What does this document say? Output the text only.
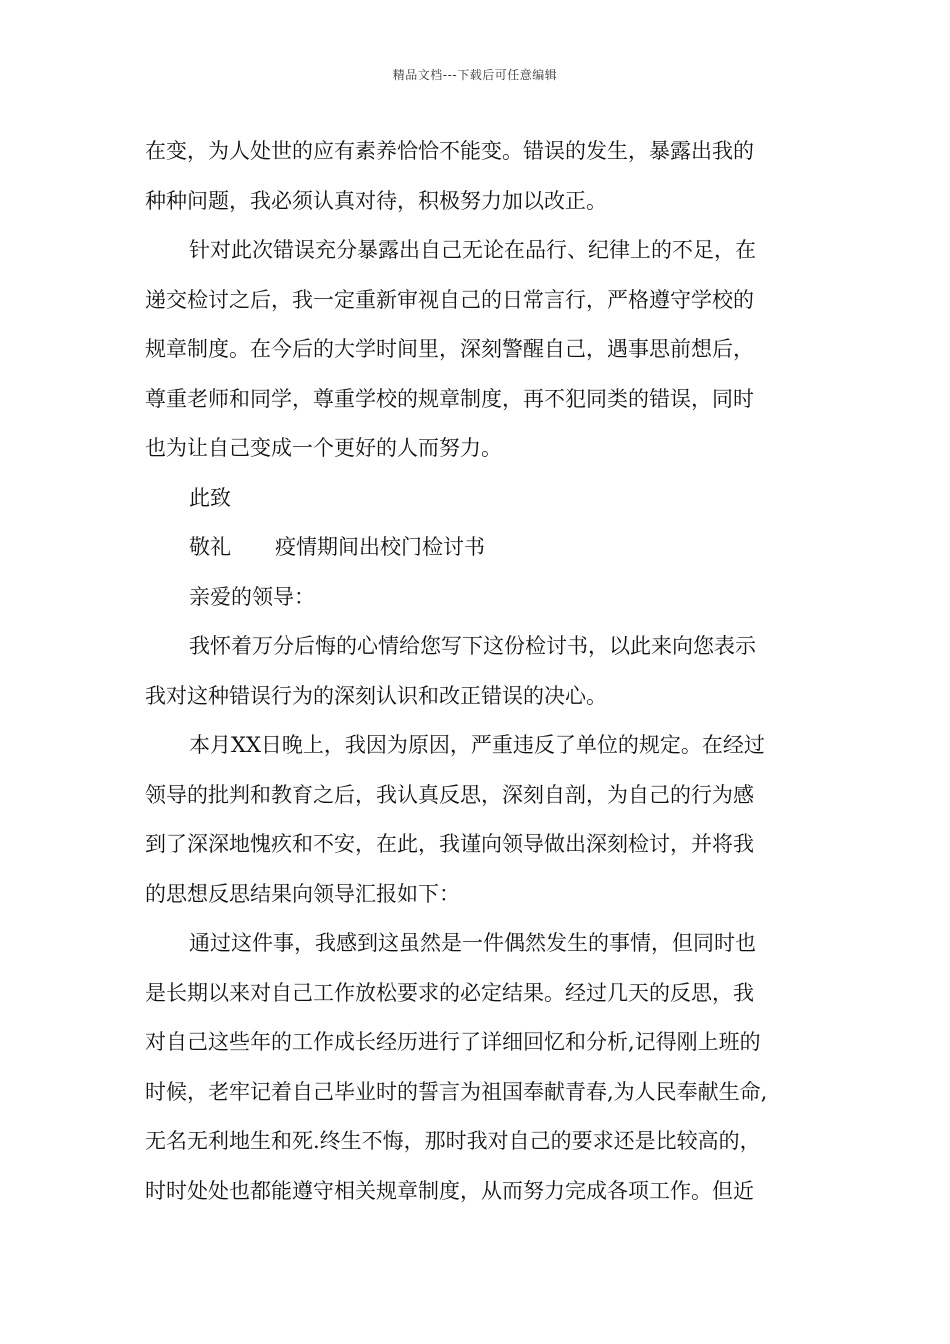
精品文档---下载后可任意编辑
在变，为人处世的应有素养恰恰不能变。错误的发生，暴露出我的
种种问题，我必须认真对待，积极努力加以改正。
针对此次错误充分暴露出自己无论在品行、纪律上的不足，在
递交检讨之后，我一定重新审视自己的日常言行，严格遵守学校的
规章制度。在今后的大学时间里，深刻警醒自己，遇事思前想后，
尊重老师和同学，尊重学校的规章制度，再不犯同类的错误，同时
也为让自己变成一个更好的人而努力。
此致
敬礼 疫情期间出校门检讨书
亲爱的领导：
我怀着万分后悔的心情给您写下这份检讨书，以此来向您表示
我对这种错误行为的深刻认识和改正错误的决心。
本月XX日晚上，我因为原因，严重违反了单位的规定。在经过
领导的批判和教育之后，我认真反思，深刻自剖，为自己的行为感
到了深深地愧疚和不安，在此，我谨向领导做出深刻检讨，并将我
的思想反思结果向领导汇报如下：
通过这件事，我感到这虽然是一件偶然发生的事情，但同时也
是长期以来对自己工作放松要求的必定结果。经过几天的反思，我
对自己这些年的工作成长经历进行了详细回忆和分析,记得刚上班的
时候，老牢记着自己毕业时的誓言为祖国奉献青春,为人民奉献生命,
无名无利地生和死.终生不悔，那时我对自己的要求还是比较高的，
时时处处也都能遵守相关规章制度，从而努力完成各项工作。但近
